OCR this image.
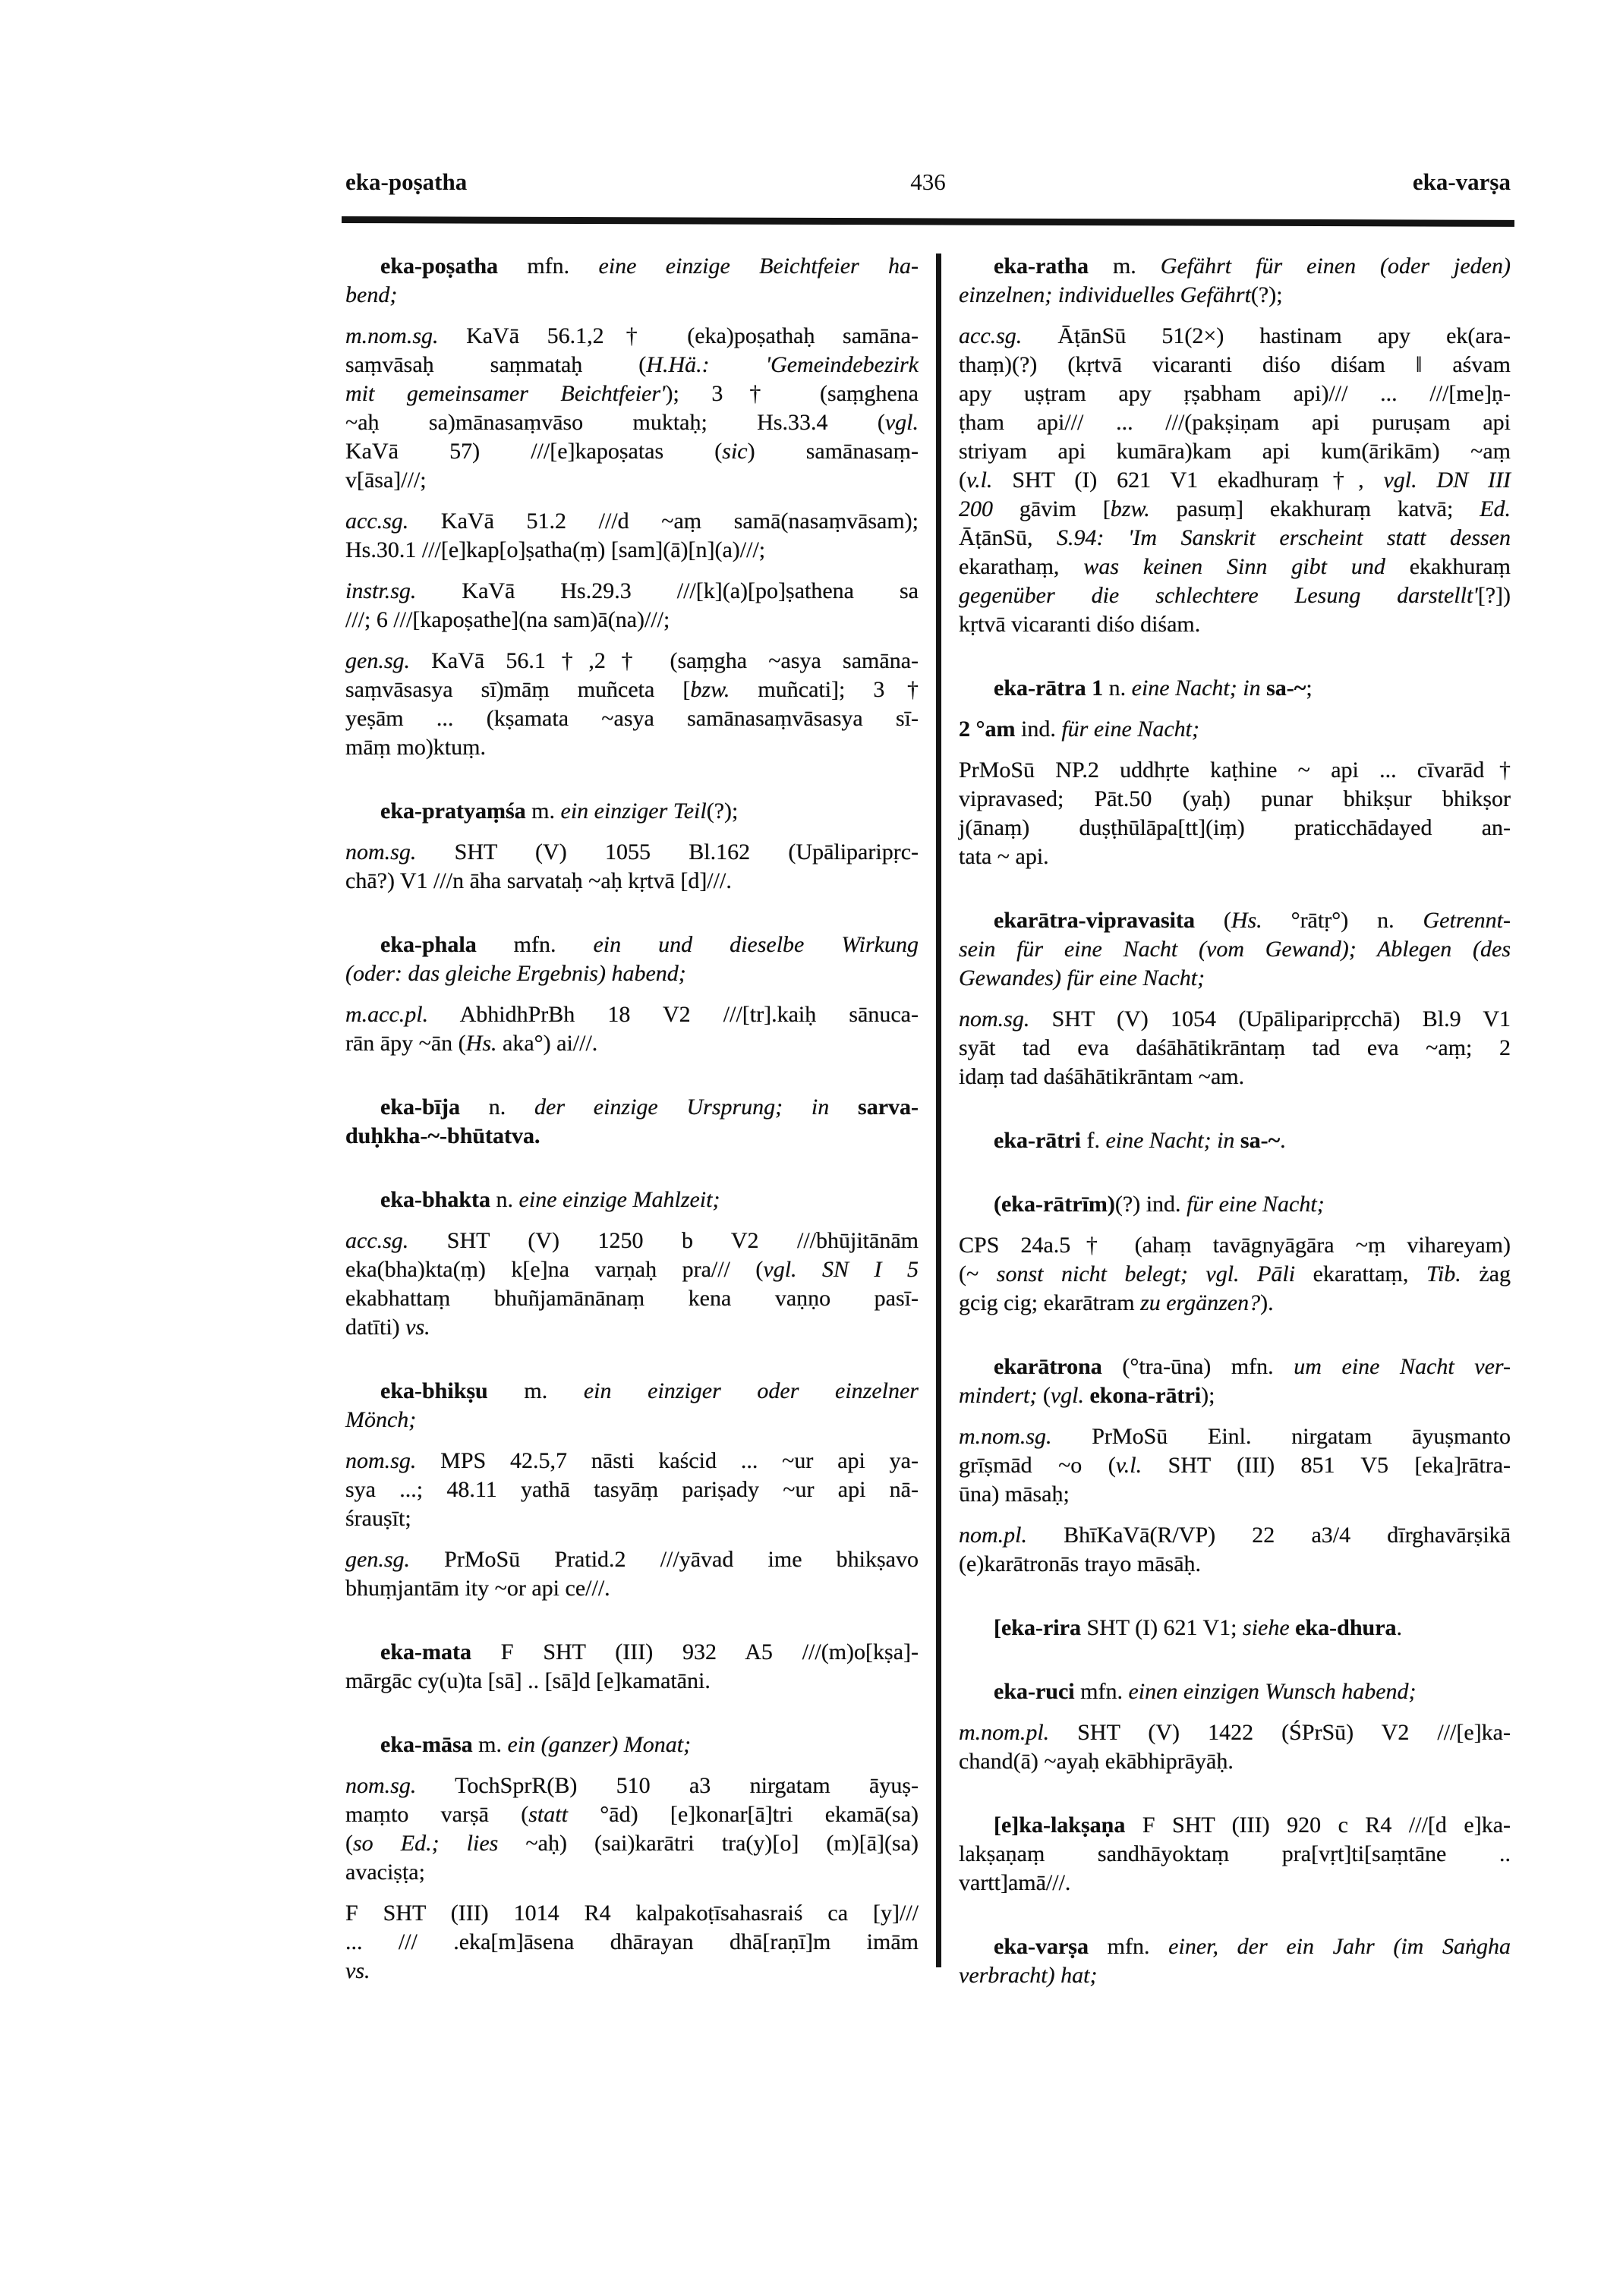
eka-poṣatha	436	eka-varṣa
eka-poṣatha mfn. eine einzige Beichtfeier ha-
bend;
m.nom.sg. KaVā 56.1,2† (eka)poṣathaḥ samāna-
saṃvāsaḥ saṃmataḥ (H.Hä.: 'Gemeindebezirk
mit gemeinsamer Beichtfeier'); 3† (saṃghena
~aḥ sa)mānasaṃvāso muktaḥ; Hs.33.4 (vgl.
KaVā 57) ///[e]kapoṣatas (sic) samānasaṃ-
v[āsa]///;
acc.sg. KaVā 51.2 ///d ~aṃ samā(nasaṃvāsam);
Hs.30.1 ///[e]kap[o]ṣatha(ṃ) [sam](ā)[n](a)///;
instr.sg. KaVā Hs.29.3 ///[k](a)[po]ṣathena sa
///; 6 ///[kapoṣathe](na sam)ā(na)///;
gen.sg. KaVā 56.1†,2† (saṃgha ~asya samāna-
saṃvāsasya sī)māṃ muñceta [bzw. muñcati]; 3†
yeṣām ... (kṣamata ~asya samānasaṃvāsasya sī-
māṃ mo)ktuṃ.
eka-pratyaṃśa m. ein einziger Teil(?);
nom.sg. SHT (V) 1055 Bl.162 (Upāliparipṛc-
chā?) V1 ///n āha sarvataḥ ~aḥ kṛtvā [d]///.
eka-phala mfn. ein und dieselbe Wirkung
(oder: das gleiche Ergebnis) habend;
m.acc.pl. AbhidhPrBh 18 V2 ///[tr].kaiḥ sānuca-
rān āpy ~ān (Hs. aka°) ai///.
eka-bīja n. der einzige Ursprung; in sarva-
duḥkha-~-bhūtatva.
eka-bhakta n. eine einzige Mahlzeit;
acc.sg. SHT (V) 1250 b V2 ///bhūjitānām
eka(bha)kta(ṃ) k[e]na varṇaḥ pra/// (vgl. SN I 5
ekabhattaṃ bhuñjamānānaṃ kena vaṇṇo pasī-
datīti) vs.
eka-bhikṣu m. ein einziger oder einzelner
Mönch;
nom.sg. MPS 42.5,7 nāsti kaścid ... ~ur api ya-
sya ...; 48.11 yathā tasyāṃ pariṣady ~ur api nā-
śrauṣīt;
gen.sg. PrMoSū Pratid.2 ///yāvad ime bhikṣavo
bhuṃjantām ity ~or api ce///.
eka-mata F SHT (III) 932 A5 ///(m)o[kṣa]-
mārgāc cy(u)ta [sā] .. [sā]d [e]kamatāni.
eka-māsa m. ein (ganzer) Monat;
nom.sg. TochSprR(B) 510 a3 nirgatam āyuṣ-
maṃto varṣā (statt °ād) [e]konar[ā]tri ekamā(sa)
(so Ed.; lies ~aḥ) (sai)karātri tra(y)[o] (m)[ā](sa)
avaciṣṭa;
F SHT (III) 1014 R4 kalpakoṭīsahasraiś ca [y]///
... /// .eka[m]āsena dhārayan dhā[raṇī]m imām
vs.
eka-ratha m. Gefährt für einen (oder jeden)
einzelnen; individuelles Gefährt(?);
acc.sg. ĀṭānSū 51(2×) hastinam apy ek(ara-
thaṃ)(?) (kṛtvā vicaranti diśo diśam ‖ aśvam
apy uṣṭram apy ṛṣabham api)/// ... ///[me]ṇ-
ṭham api/// ... ///(pakṣiṇam api puruṣam api
striyam api kumāra)kam api kum(ārikām) ~aṃ
(v.l. SHT (I) 621 V1 ekadhuraṃ†, vgl. DN III
200 gāvim [bzw. pasuṃ] ekakhuraṃ katvā; Ed.
ĀṭānSū, S.94: 'Im Sanskrit erscheint statt dessen
ekarathaṃ, was keinen Sinn gibt und ekakhuraṃ
gegenüber die schlechtere Lesung darstellt'[?])
kṛtvā vicaranti diśo diśam.
eka-rātra 1 n. eine Nacht; in sa-~;
2 °am ind. für eine Nacht;
PrMoSū NP.2 uddhṛte kaṭhine ~ api ... cīvarād†
vipravased; Pāt.50 (yaḥ) punar bhikṣur bhikṣor
j(ānaṃ) duṣṭhūlāpa[tt](iṃ) praticchādayed an-
tata ~ api.
ekarātra-vipravasita (Hs. °rātṛ°) n. Getrennt-
sein für eine Nacht (vom Gewand); Ablegen (des
Gewandes) für eine Nacht;
nom.sg. SHT (V) 1054 (Upāliparipṛcchā) Bl.9 V1
syāt tad eva daśāhātikrāntaṃ tad eva ~aṃ; 2
idaṃ tad daśāhātikrāntam ~am.
eka-rātri f. eine Nacht; in sa-~.
(eka-rātrīm)(?) ind. für eine Nacht;
CPS 24a.5† (ahaṃ tavāgnyāgāra ~ṃ vihareyam)
(~ sonst nicht belegt; vgl. Pāli ekarattaṃ, Tib. żag
gcig cig; ekarātram zu ergänzen?).
ekarātrona (°tra-ūna) mfn. um eine Nacht ver-
mindert; (vgl. ekona-rātri);
m.nom.sg. PrMoSū Einl. nirgatam āyuṣmanto
grīṣmād ~o (v.l. SHT (III) 851 V5 [eka]rātra-
ūna) māsaḥ;
nom.pl. BhīKaVā(R/VP) 22 a3/4 dīrghavārṣikā
(e)karātronās trayo māsāḥ.
[eka-rira SHT (I) 621 V1; siehe eka-dhura.
eka-ruci mfn. einen einzigen Wunsch habend;
m.nom.pl. SHT (V) 1422 (ŚPrSū) V2 ///[e]ka-
chand(ā) ~ayaḥ ekābhiprāyāḥ.
[e]ka-lakṣaṇa F SHT (III) 920 c R4 ///[d e]ka-
lakṣaṇaṃ sandhāyoktaṃ pra[vṛt]ti[saṃtāne ..
vartt]amā///.
eka-varṣa mfn. einer, der ein Jahr (im Saṅgha
verbracht) hat;
